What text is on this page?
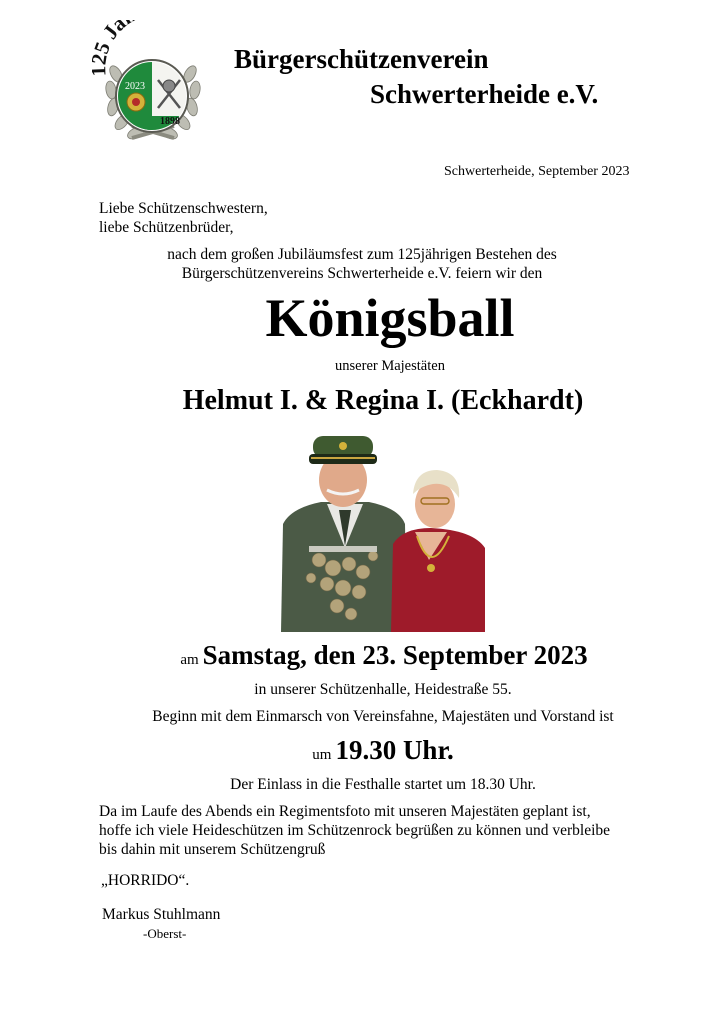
Ja
2023
1898
Bürgerschützenverein
Schwerterheide e.V.
Schwerterheide, September 2023
Liebe Schützenschwestern,
liebe Schützenbrüder,
nach dem großen Jubiläumsfest zum 125jährigen Bestehen des
Bürgerschützenvereins Schwerterheide e.V. feiern wir den
Königsball
unserer Majestäten
Helmut I. & Regina I. (Eckhardt)
am Samstag, den 23. September 2023
in unserer Schützenhalle, Heidestraße 55.
Beginn mit dem Einmarsch von Vereinsfahne, Majestäten und Vorstand ist
um 19.30 Uhr.
Der Einlass in die Festhalle startet um 18.30 Uhr.
Da im Laufe des Abends ein Regimentsfoto mit unseren Majestäten geplant ist,
hoffe ich viele Heideschützen im Schützenrock begrüßen zu können und verbleibe
bis dahin mit unserem Schützengruß
„HORRIDO“.
Markus Stuhlmann
-Oberst-
